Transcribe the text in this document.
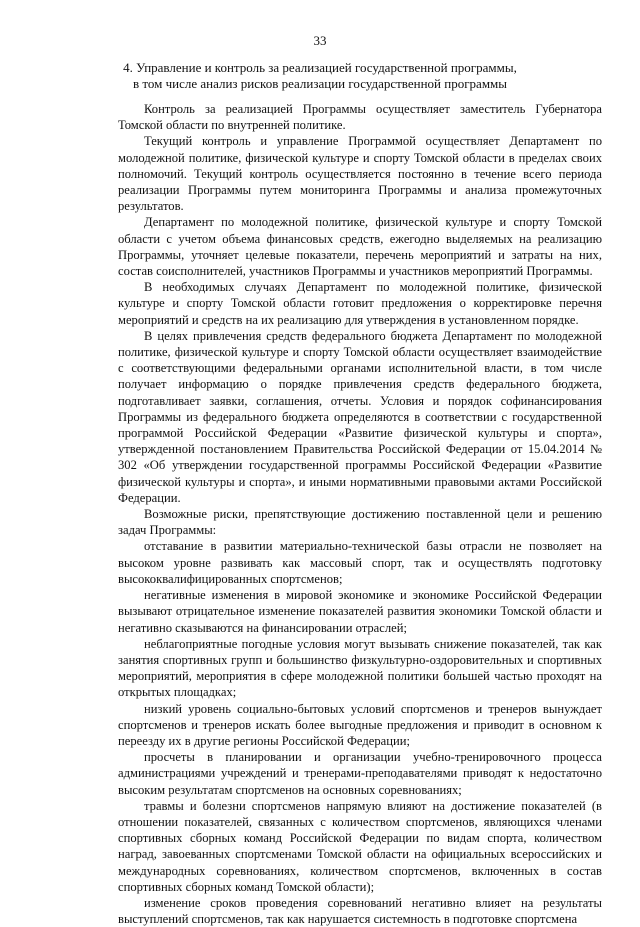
33
4. Управление и контроль за реализацией государственной программы,
в том числе анализ рисков реализации государственной программы

Контроль за реализацией Программы осуществляет заместитель Губернатора Томской области по внутренней политике.

Текущий контроль и управление Программой осуществляет Департамент по молодежной политике, физической культуре и спорту Томской области в пределах своих полномочий. Текущий контроль осуществляется постоянно в течение всего периода реализации Программы путем мониторинга Программы и анализа промежуточных результатов.

Департамент по молодежной политике, физической культуре и спорту Томской области с учетом объема финансовых средств, ежегодно выделяемых на реализацию Программы, уточняет целевые показатели, перечень мероприятий и затраты на них, состав соисполнителей, участников Программы и участников мероприятий Программы.

В необходимых случаях Департамент по молодежной политике, физической культуре и спорту Томской области готовит предложения о корректировке перечня мероприятий и средств на их реализацию для утверждения в установленном порядке.

В целях привлечения средств федерального бюджета Департамент по молодежной политике, физической культуре и спорту Томской области осуществляет взаимодействие с соответствующими федеральными органами исполнительной власти, в том числе получает информацию о порядке привлечения средств федерального бюджета, подготавливает заявки, соглашения, отчеты. Условия и порядок софинансирования Программы из федерального бюджета определяются в соответствии с государственной программой Российской Федерации «Развитие физической культуры и спорта», утвержденной постановлением Правительства Российской Федерации от 15.04.2014 № 302 «Об утверждении государственной программы Российской Федерации «Развитие физической культуры и спорта», и иными нормативными правовыми актами Российской Федерации.

Возможные риски, препятствующие достижению поставленной цели и решению задач Программы:

отставание в развитии материально-технической базы отрасли не позволяет на высоком уровне развивать как массовый спорт, так и осуществлять подготовку высококвалифицированных спортсменов;

негативные изменения в мировой экономике и экономике Российской Федерации вызывают отрицательное изменение показателей развития экономики Томской области и негативно сказываются на финансировании отраслей;

неблагоприятные погодные условия могут вызывать снижение показателей, так как занятия спортивных групп и большинство физкультурно-оздоровительных и спортивных мероприятий, мероприятия в сфере молодежной политики большей частью проходят на открытых площадках;

низкий уровень социально-бытовых условий спортсменов и тренеров вынуждает спортсменов и тренеров искать более выгодные предложения и приводит в основном к переезду их в другие регионы Российской Федерации;

просчеты в планировании и организации учебно-тренировочного процесса администрациями учреждений и тренерами-преподавателями приводят к недостаточно высоким результатам спортсменов на основных соревнованиях;

травмы и болезни спортсменов напрямую влияют на достижение показателей (в отношении показателей, связанных с количеством спортсменов, являющихся членами спортивных сборных команд Российской Федерации по видам спорта, количеством наград, завоеванных спортсменами Томской области на официальных всероссийских и международных соревнованиях, количеством спортсменов, включенных в состав спортивных сборных команд Томской области);

изменение сроков проведения соревнований негативно влияет на результаты выступлений спортсменов, так как нарушается системность в подготовке спортсмена
